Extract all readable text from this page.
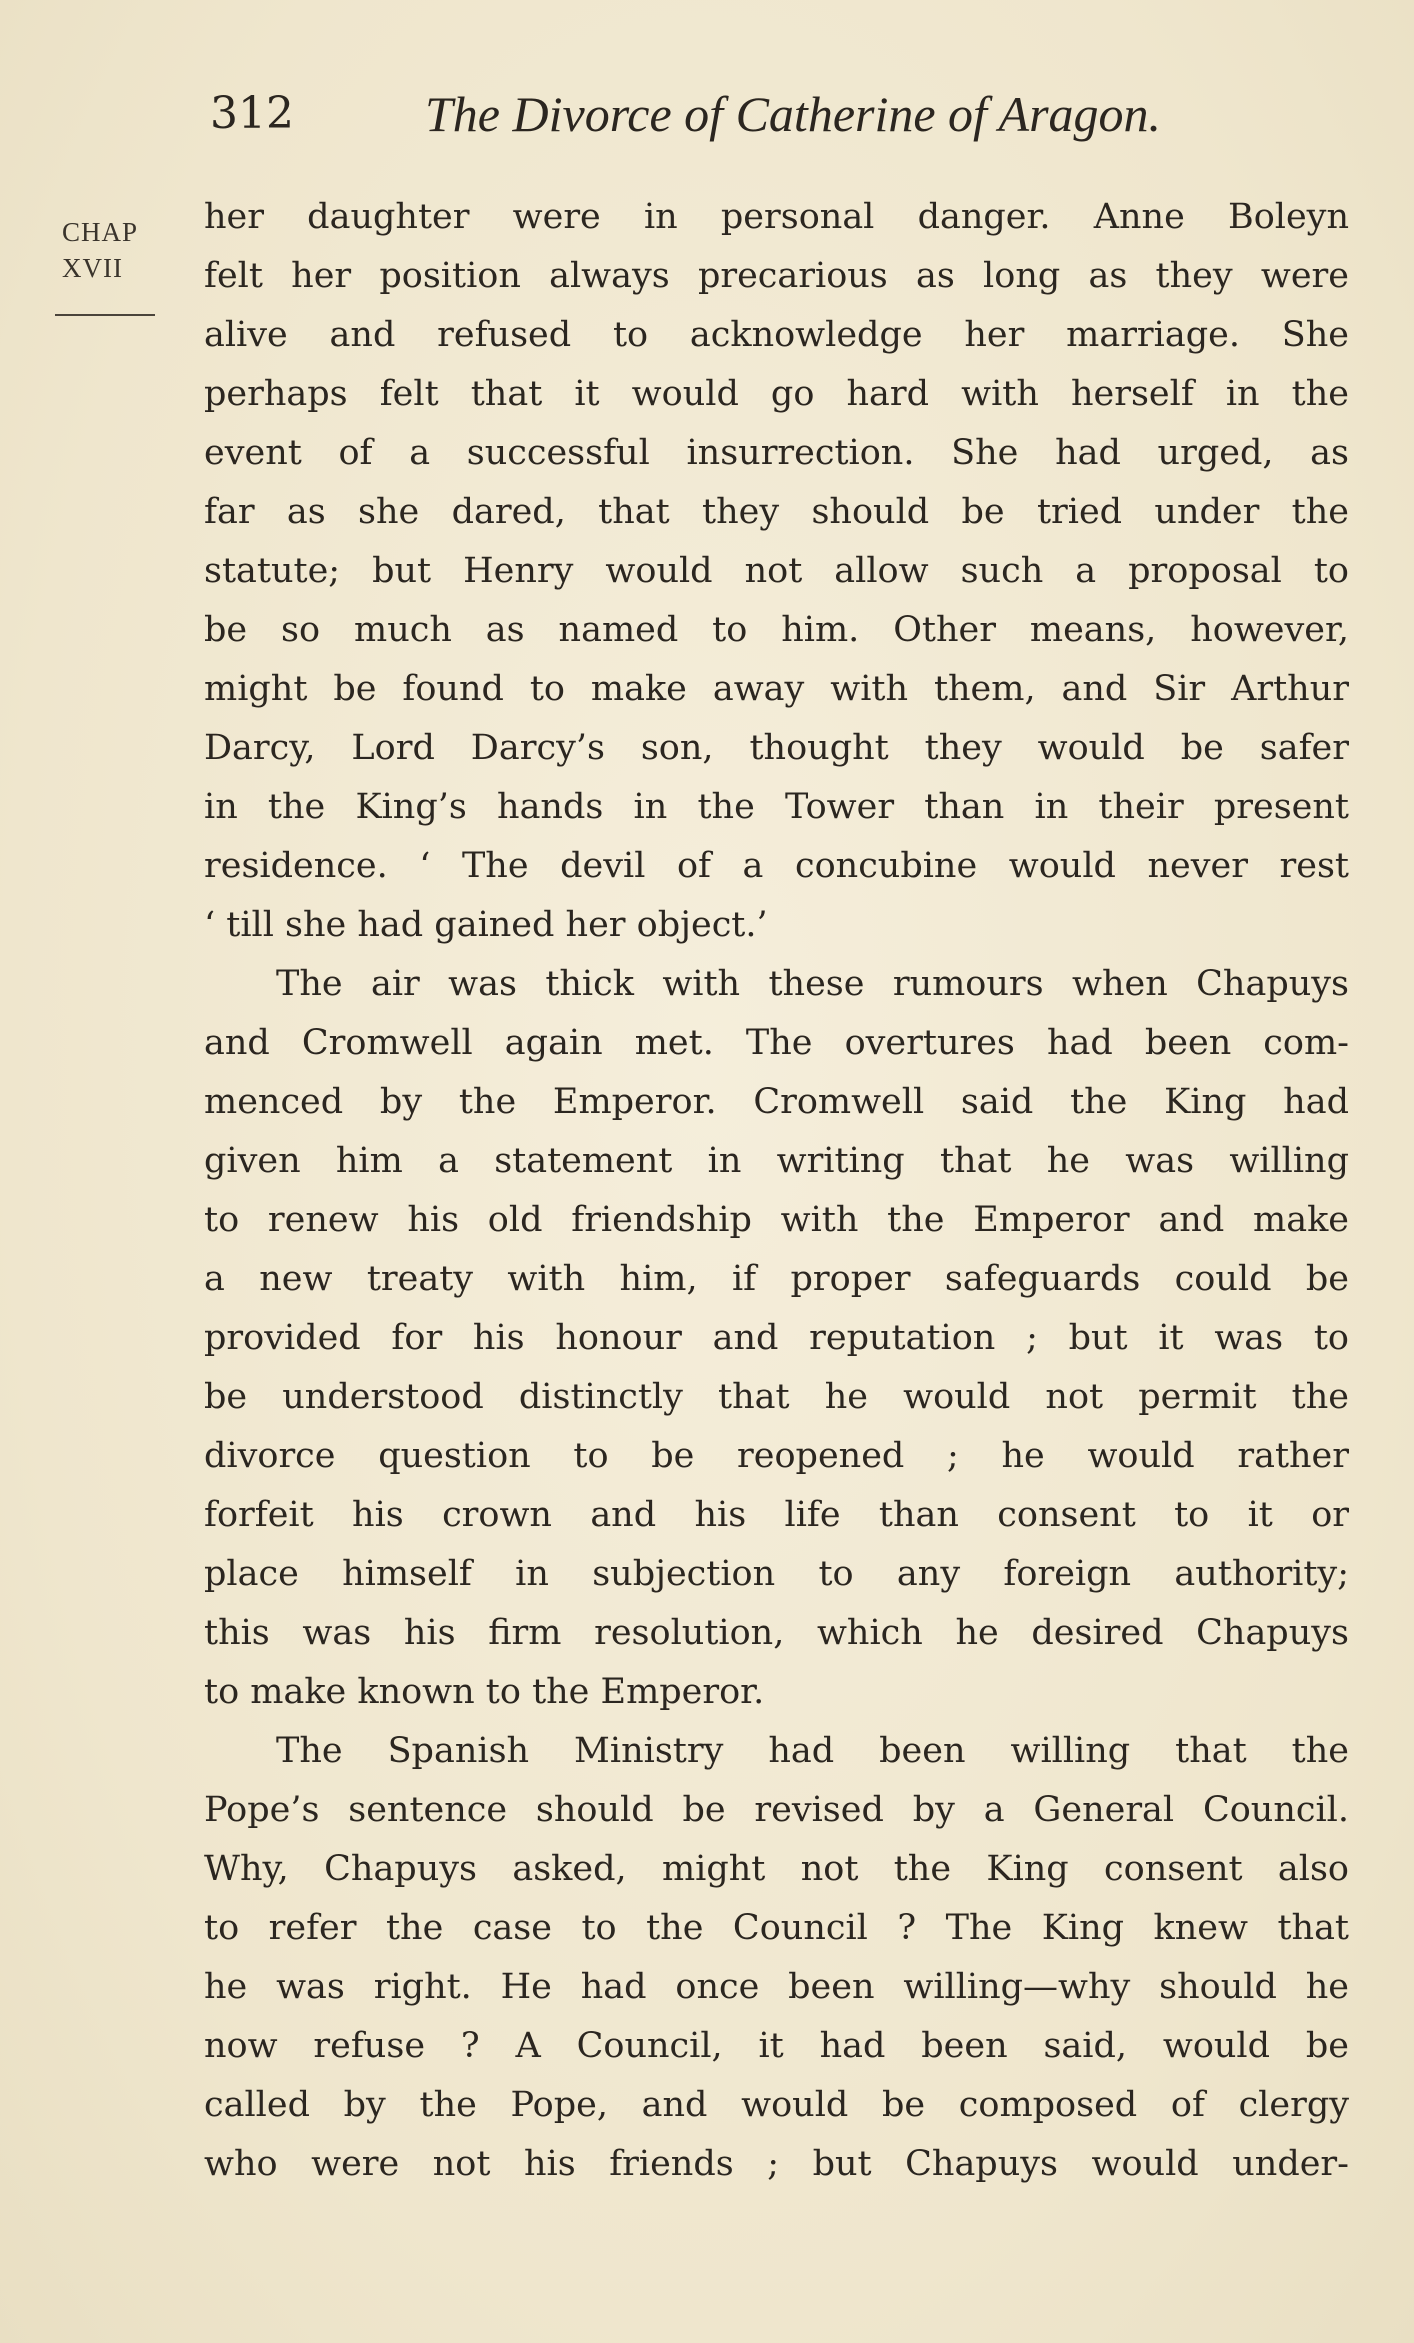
312	The Divorce of Catherine of Aragon.
CHAP
XVII
her daughter were in personal danger. Anne Boleyn
felt her position always precarious as long as they were
alive and refused to acknowledge her marriage. She
perhaps felt that it would go hard with herself in the
event of a successful insurrection. She had urged, as
far as she dared, that they should be tried under the
statute; but Henry would not allow such a proposal to
be so much as named to him. Other means, however,
might be found to make away with them, and Sir Arthur
Darcy, Lord Darcy’s son, thought they would be safer
in the King’s hands in the Tower than in their present
residence. ‘ The devil of a concubine would never rest
‘ till she had gained her object.’
The air was thick with these rumours when Chapuys
and Cromwell again met. The overtures had been com-
menced by the Emperor. Cromwell said the King had
given him a statement in writing that he was willing
to renew his old friendship with the Emperor and make
a new treaty with him, if proper safeguards could be
provided for his honour and reputation ; but it was to
be understood distinctly that he would not permit the
divorce question to be reopened ; he would rather
forfeit his crown and his life than consent to it or
place himself in subjection to any foreign authority;
this was his firm resolution, which he desired Chapuys
to make known to the Emperor.
The Spanish Ministry had been willing that the
Pope’s sentence should be revised by a General Council.
Why, Chapuys asked, might not the King consent also
to refer the case to the Council ? The King knew that
he was right. He had once been willing—why should he
now refuse ? A Council, it had been said, would be
called by the Pope, and would be composed of clergy
who were not his friends ; but Chapuys would under-
